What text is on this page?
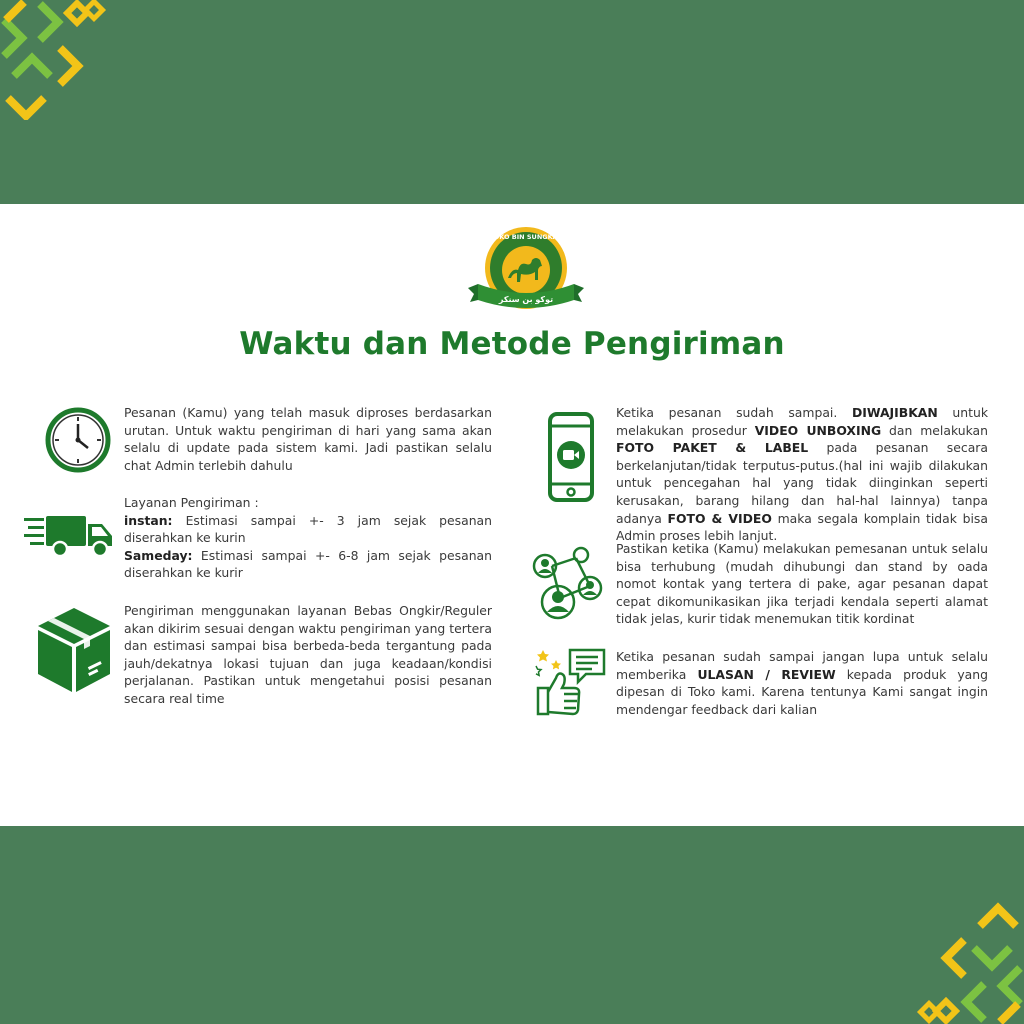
TOKO BIN SUNGKAR
توكو بن سنكر
Waktu dan Metode Pengiriman

Pesanan (Kamu) yang telah masuk diproses berdasarkan urutan. Untuk waktu pengiriman di hari yang sama akan selalu di update pada sistem kami. Jadi pastikan selalu chat Admin terlebih dahulu

Layanan Pengiriman :

instan: Estimasi sampai +- 3 jam sejak pesanan diserahkan ke kurin

Sameday: Estimasi sampai +- 6-8 jam sejak pesanan diserahkan ke kurir

Pengiriman menggunakan layanan Bebas Ongkir/Reguler akan dikirim sesuai dengan waktu pengiriman yang tertera dan estimasi sampai bisa berbeda-beda tergantung pada jauh/dekatnya lokasi tujuan dan juga keadaan/kondisi perjalanan. Pastikan untuk mengetahui posisi pesanan secara real time

Ketika pesanan sudah sampai. DIWAJIBKAN untuk melakukan prosedur VIDEO UNBOXING dan melakukan FOTO PAKET & LABEL pada pesanan secara berkelanjutan/tidak terputus-putus.(hal ini wajib dilakukan untuk pencegahan hal yang tidak diinginkan seperti kerusakan, barang hilang dan hal-hal lainnya) tanpa adanya FOTO & VIDEO maka segala komplain tidak bisa Admin proses lebih lanjut.

Pastikan ketika (Kamu) melakukan pemesanan untuk selalu bisa terhubung (mudah dihubungi dan stand by oada nomot kontak yang tertera di pake, agar pesanan dapat cepat dikomunikasikan jika terjadi kendala seperti alamat tidak jelas, kurir tidak menemukan titik kordinat

Ketika pesanan sudah sampai jangan lupa untuk selalu memberika ULASAN / REVIEW kepada produk yang dipesan di Toko kami. Karena tentunya Kami sangat ingin mendengar feedback dari kalian
